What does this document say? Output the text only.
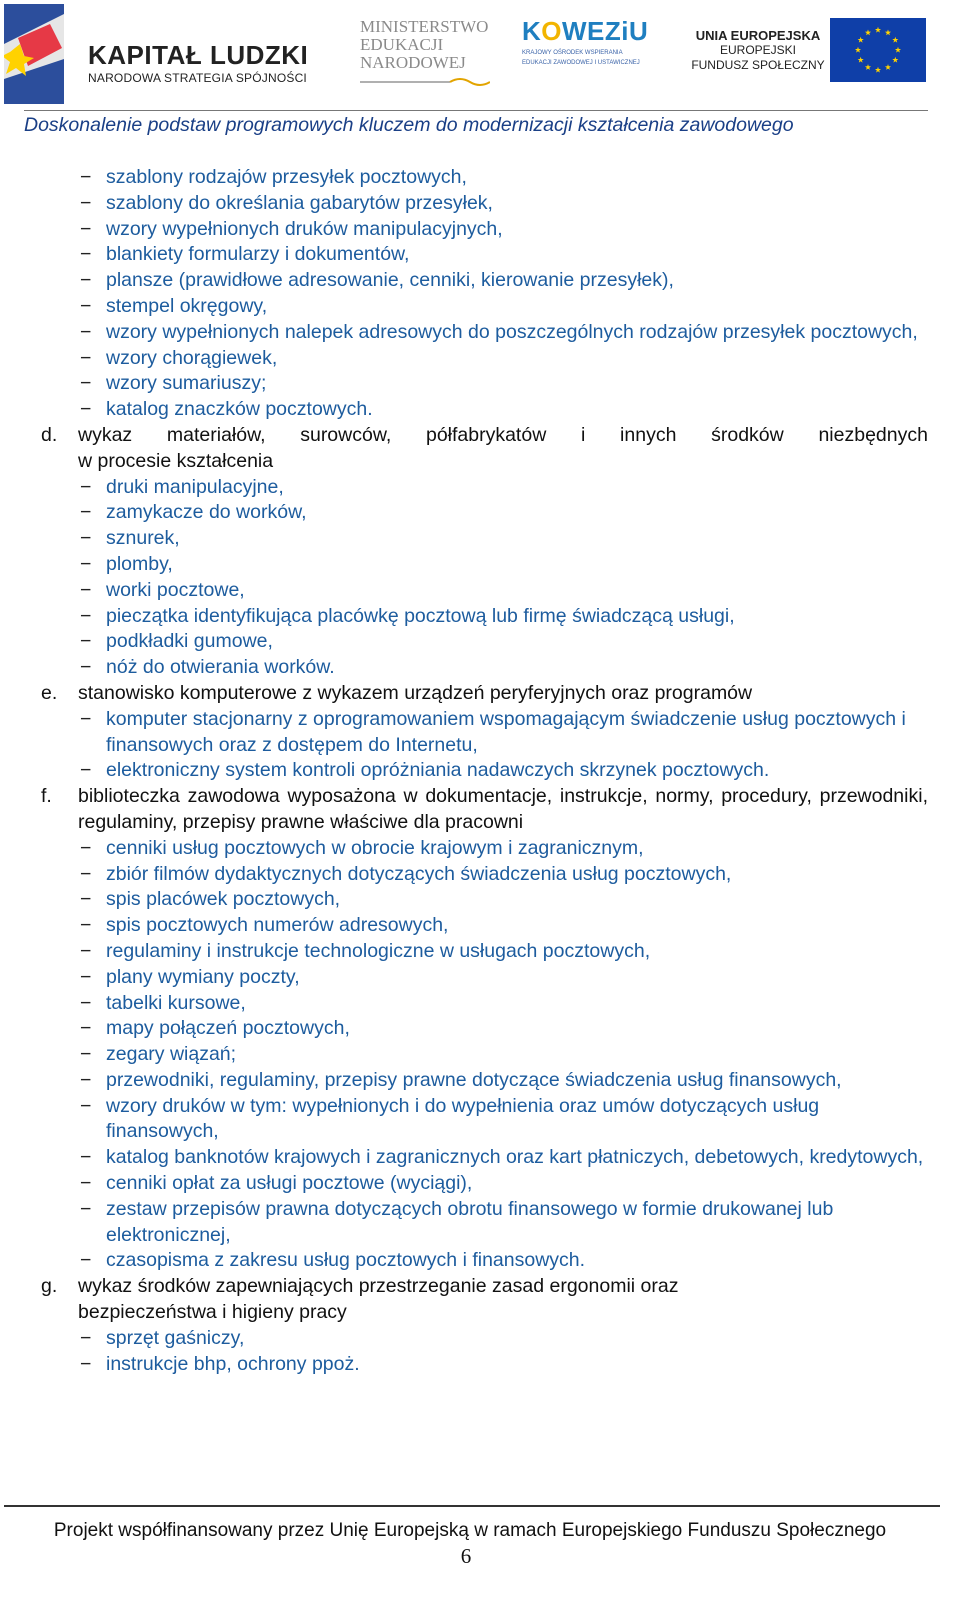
KAPITAŁ LUDZKI
NARODOWA STRATEGIA SPÓJNOŚCI
MINISTERSTWO
EDUKACJI
NARODOWEJ
KOWEZiU
KRAJOWY OŚRODEK WSPIERANIA
EDUKACJI ZAWODOWEJ I USTAWICZNEJ
UNIA EUROPEJSKA
EUROPEJSKI
FUNDUSZ SPOŁECZNY
Doskonalenie podstaw programowych kluczem do modernizacji kształcenia zawodowego
− szablony rodzajów przesyłek pocztowych,
− szablony do określania gabarytów przesyłek,
− wzory wypełnionych druków manipulacyjnych,
− blankiety formularzy i dokumentów,
− plansze (prawidłowe adresowanie, cenniki, kierowanie przesyłek),
− stempel okręgowy,
− wzory wypełnionych nalepek adresowych do poszczególnych rodzajów przesyłek pocztowych,
− wzory chorągiewek,
− wzory sumariuszy;
− katalog znaczków pocztowych.
d. wykaz materiałów, surowców, półfabrykatów i innych środków niezbędnych
w procesie kształcenia
− druki manipulacyjne,
− zamykacze do worków,
− sznurek,
− plomby,
− worki pocztowe,
− pieczątka identyfikująca placówkę pocztową lub firmę świadczącą usługi,
− podkładki gumowe,
− nóż do otwierania worków.
e. stanowisko komputerowe z wykazem urządzeń peryferyjnych oraz programów
− komputer stacjonarny z oprogramowaniem wspomagającym świadczenie usług pocztowych i finansowych oraz z dostępem do Internetu,
− elektroniczny system kontroli opróżniania nadawczych skrzynek pocztowych.
f. biblioteczka zawodowa wyposażona w dokumentacje, instrukcje, normy, procedury, przewodniki, regulaminy, przepisy prawne właściwe dla pracowni
− cenniki usług pocztowych w obrocie krajowym i zagranicznym,
− zbiór filmów dydaktycznych dotyczących świadczenia usług pocztowych,
− spis placówek pocztowych,
− spis pocztowych numerów adresowych,
− regulaminy i instrukcje technologiczne w usługach pocztowych,
− plany wymiany poczty,
− tabelki kursowe,
− mapy połączeń pocztowych,
− zegary wiązań;
− przewodniki, regulaminy, przepisy prawne dotyczące świadczenia usług finansowych,
− wzory druków w tym: wypełnionych i do wypełnienia oraz umów dotyczących usług finansowych,
− katalog banknotów krajowych i zagranicznych oraz kart płatniczych, debetowych, kredytowych,
− cenniki opłat za usługi pocztowe (wyciągi),
− zestaw przepisów prawna dotyczących obrotu finansowego w formie drukowanej lub elektronicznej,
− czasopisma z zakresu usług pocztowych i finansowych.
g. wykaz środków zapewniających przestrzeganie zasad ergonomii oraz bezpieczeństwa i higieny pracy
− sprzęt gaśniczy,
− instrukcje bhp, ochrony ppoż.
Projekt współfinansowany przez Unię Europejską w ramach Europejskiego Funduszu Społecznego
6
